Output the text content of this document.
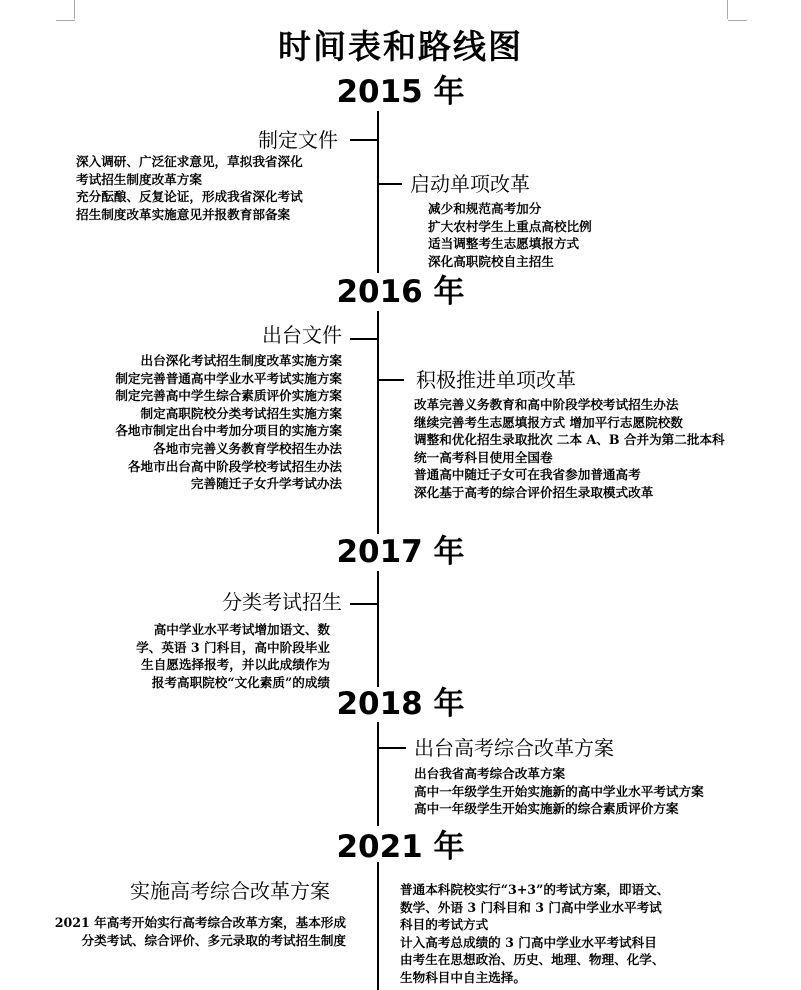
时间表和路线图
2015 年
制定文件
深入调研、广泛征求意见，草拟我省深化
考试招生制度改革方案
充分酝酿、反复论证，形成我省深化考试
招生制度改革实施意见并报教育部备案
启动单项改革
减少和规范高考加分
扩大农村学生上重点高校比例
适当调整考生志愿填报方式
深化高职院校自主招生
2016 年
出台文件
出台深化考试招生制度改革实施方案
制定完善普通高中学业水平考试实施方案
制定完善高中学生综合素质评价实施方案
制定高职院校分类考试招生实施方案
各地市制定出台中考加分项目的实施方案
各地市完善义务教育学校招生办法
各地市出台高中阶段学校考试招生办法
完善随迁子女升学考试办法
积极推进单项改革
改革完善义务教育和高中阶段学校考试招生办法
继续完善考生志愿填报方式 增加平行志愿院校数
调整和优化招生录取批次 二本 A、B 合并为第二批本科
统一高考科目使用全国卷
普通高中随迁子女可在我省参加普通高考
深化基于高考的综合评价招生录取模式改革
2017 年
分类考试招生
高中学业水平考试增加语文、数
学、英语 3 门科目，高中阶段毕业
生自愿选择报考，并以此成绩作为
报考高职院校“文化素质”的成绩
2018 年
出台高考综合改革方案
出台我省高考综合改革方案
高中一年级学生开始实施新的高中学业水平考试方案
高中一年级学生开始实施新的综合素质评价方案
2021 年
实施高考综合改革方案
2021 年高考开始实行高考综合改革方案，基本形成
分类考试、综合评价、多元录取的考试招生制度
普通本科院校实行“3+3”的考试方案，即语文、
数学、外语 3 门科目和 3 门高中学业水平考试
科目的考试方式
计入高考总成绩的 3 门高中学业水平考试科目
由考生在思想政治、历史、地理、物理、化学、
生物科目中自主选择。
